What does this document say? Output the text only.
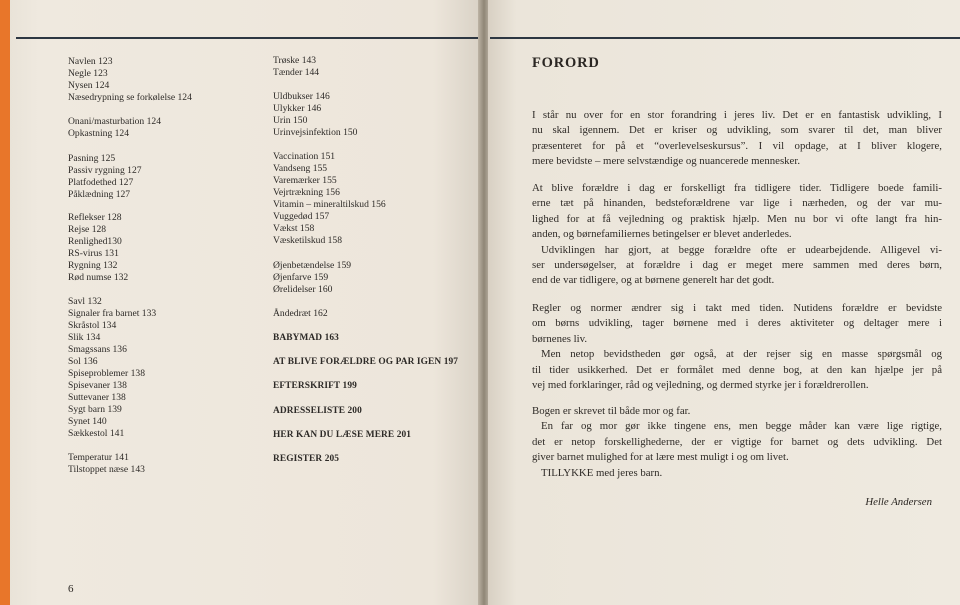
Navlen 123
Negle 123
Nysen 124
Næsedrypning se forkølelse 124
Onani/masturbation 124
Opkastning 124
Pasning 125
Passiv rygning 127
Platfodethed 127
Påklædning 127
Reflekser 128
Rejse 128
Renlighed130
RS-virus 131
Rygning 132
Rød numse 132
Savl 132
Signaler fra barnet 133
Skråstol 134
Slik 134
Smagssans 136
Sol 136
Spiseproblemer 138
Spisevaner 138
Suttevaner 138
Sygt barn 139
Synet 140
Sækkestol 141
Temperatur 141
Tilstoppet næse 143
Trøske 143
Tænder 144
Uldbukser 146
Ulykker 146
Urin 150
Urinvejsinfektion 150
Vaccination 151
Vandseng 155
Varemærker 155
Vejrtrækning 156
Vitamin – mineraltilskud 156
Vuggedød 157
Vækst 158
Væsketilskud 158
Øjenbetændelse 159
Øjenfarve 159
Ørelidelser 160
Åndedræt 162
BABYMAD 163
AT BLIVE FORÆLDRE OG PAR IGEN 197
EFTERSKRIFT 199
ADRESSELISTE 200
HER KAN DU LÆSE MERE 201
REGISTER 205
6
FORORD
I står nu over for en stor forandring i jeres liv. Det er en fantastisk udvikling, I
nu skal igennem. Det er kriser og udvikling, som svarer til det, man bliver
præsenteret for på et “overlevelseskursus”. I vil opdage, at I bliver klogere,
mere bevidste – mere selvstændige og nuancerede mennesker.
At blive forældre i dag er forskelligt fra tidligere tider. Tidligere boede famili-
erne tæt på hinanden, bedsteforældrene var lige i nærheden, og der var mu-
lighed for at få vejledning og praktisk hjælp. Men nu bor vi ofte langt fra hin-
anden, og børnefamiliernes betingelser er blevet anderledes.
Udviklingen har gjort, at begge forældre ofte er udearbejdende. Alligevel vi-
ser undersøgelser, at forældre i dag er meget mere sammen med deres børn,
end de var tidligere, og at børnene generelt har det godt.
Regler og normer ændrer sig i takt med tiden. Nutidens forældre er bevidste
om børns udvikling, tager børnene med i deres aktiviteter og deltager mere i
børnenes liv.
Men netop bevidstheden gør også, at der rejser sig en masse spørgsmål og
til tider usikkerhed. Det er formålet med denne bog, at den kan hjælpe jer på
vej med forklaringer, råd og vejledning, og dermed styrke jer i forældrerollen.
Bogen er skrevet til både mor og far.
En far og mor gør ikke tingene ens, men begge måder kan være lige rigtige,
det er netop forskellighederne, der er vigtige for barnet og dets udvikling. Det
giver barnet mulighed for at lære mest muligt i og om livet.
TILLYKKE med jeres barn.
Helle Andersen
